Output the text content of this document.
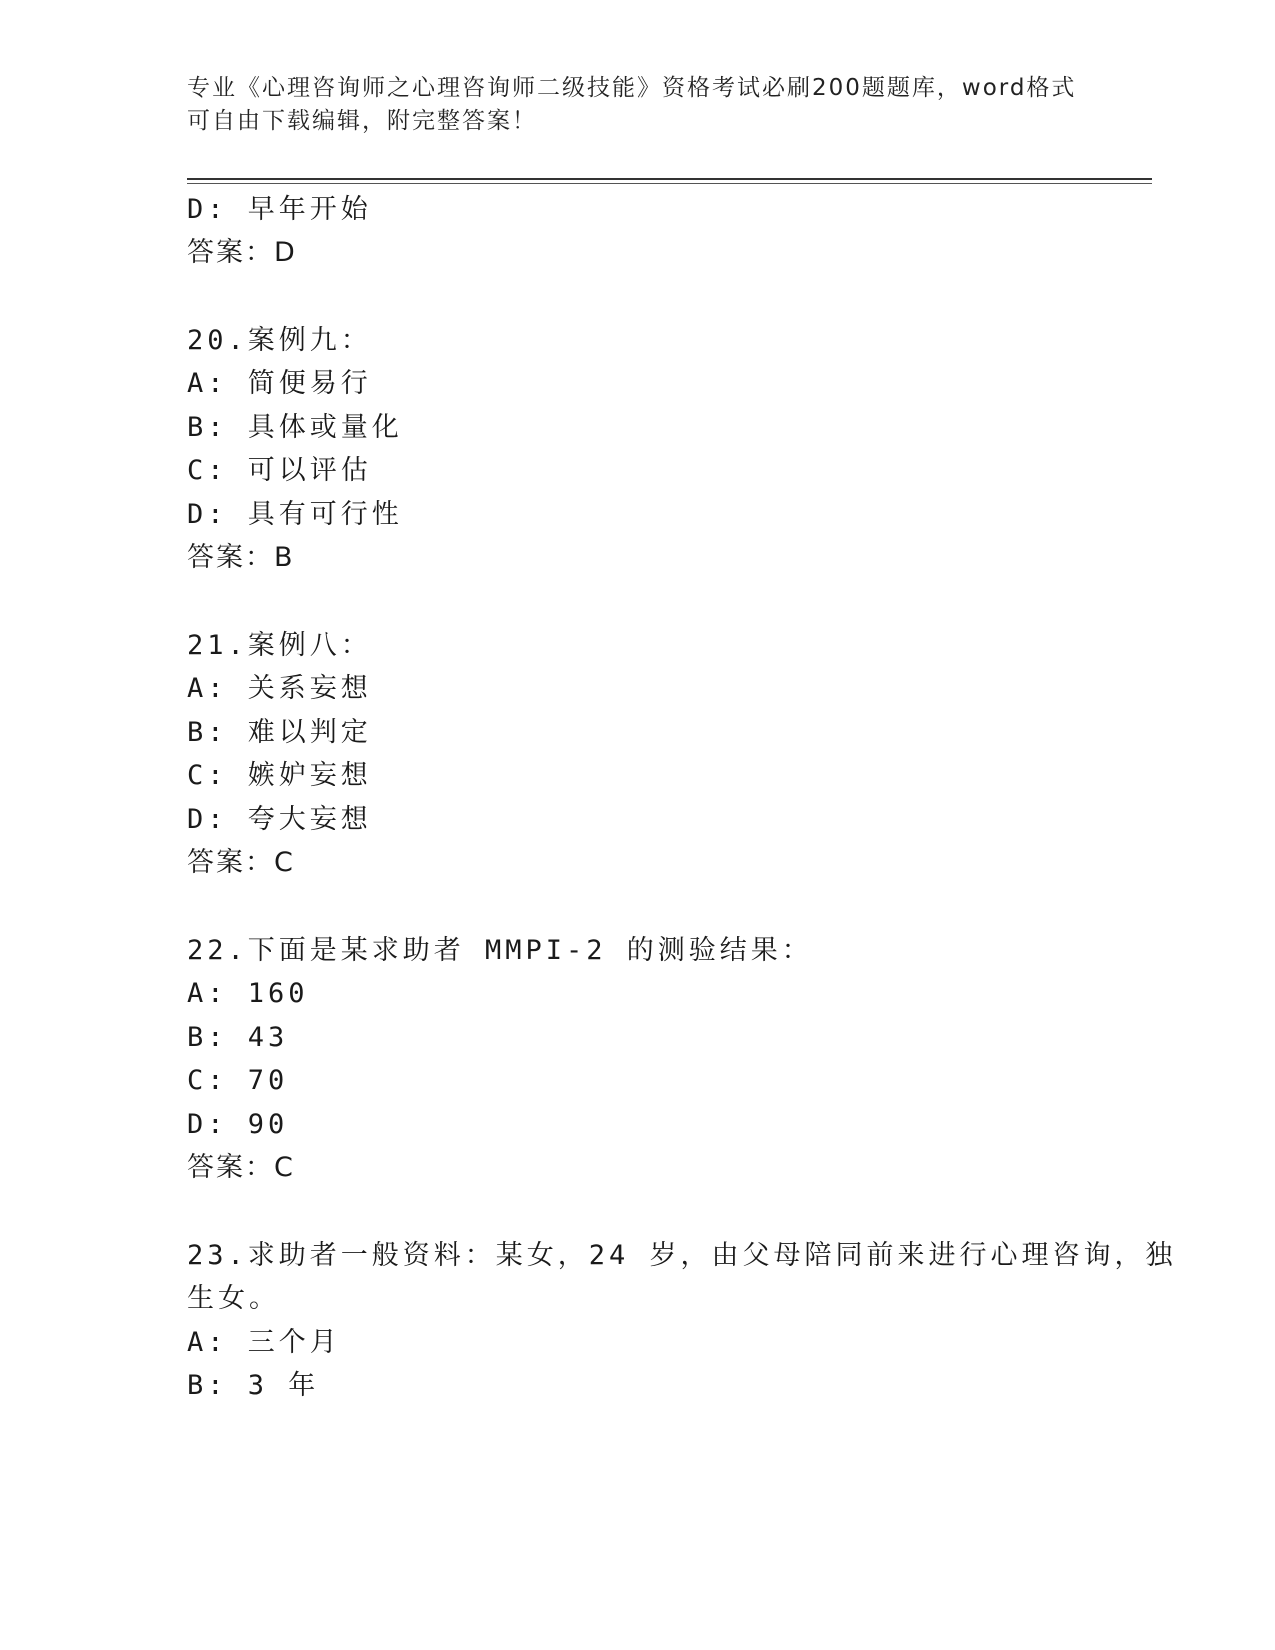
专业《心理咨询师之心理咨询师二级技能》资格考试必刷200题题库，word格式
可自由下载编辑，附完整答案！
D: 早年开始
答案：D
20.案例九：
A: 简便易行
B: 具体或量化
C: 可以评估
D: 具有可行性
答案：B
21.案例八：
A: 关系妄想
B: 难以判定
C: 嫉妒妄想
D: 夸大妄想
答案：C
22.下面是某求助者 MMPI-2 的测验结果：
A: 160
B: 43
C: 70
D: 90
答案：C
23.求助者一般资料：某女，24 岁，由父母陪同前来进行心理咨询，独
生女。
A: 三个月
B: 3 年
